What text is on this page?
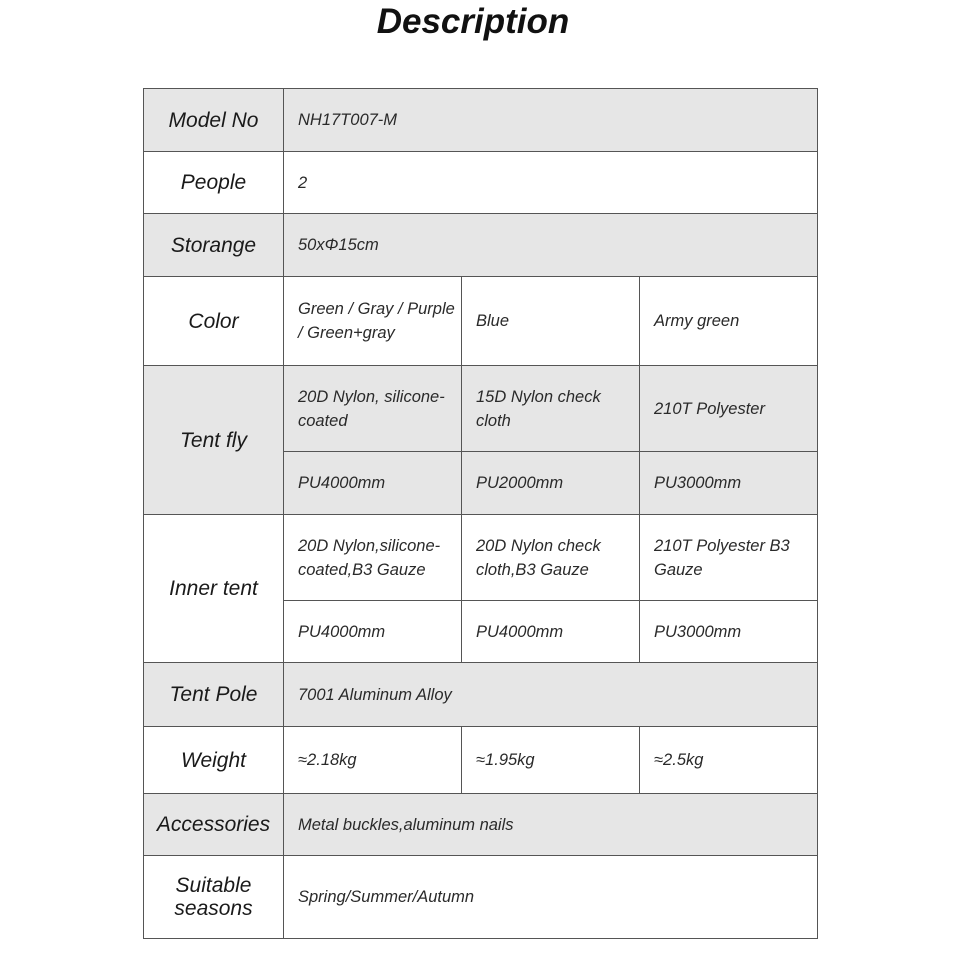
Description
Model No	NH17T007-M		
People	2		
Storange	50xΦ15cm		
Color	Green / Gray / Purple / Green+gray	Blue	Army green
Tent fly	20D Nylon, silicone-coated	15D Nylon check cloth	210T Polyester
	PU4000mm	PU2000mm	PU3000mm
Inner tent	20D Nylon,silicone-coated,B3 Gauze	20D Nylon check cloth,B3 Gauze	210T Polyester B3 Gauze
	PU4000mm	PU4000mm	PU3000mm
Tent Pole	7001 Aluminum Alloy		
Weight	≈2.18kg	≈1.95kg	≈2.5kg
Accessories	Metal buckles,aluminum nails		
Suitable seasons	Spring/Summer/Autumn		
